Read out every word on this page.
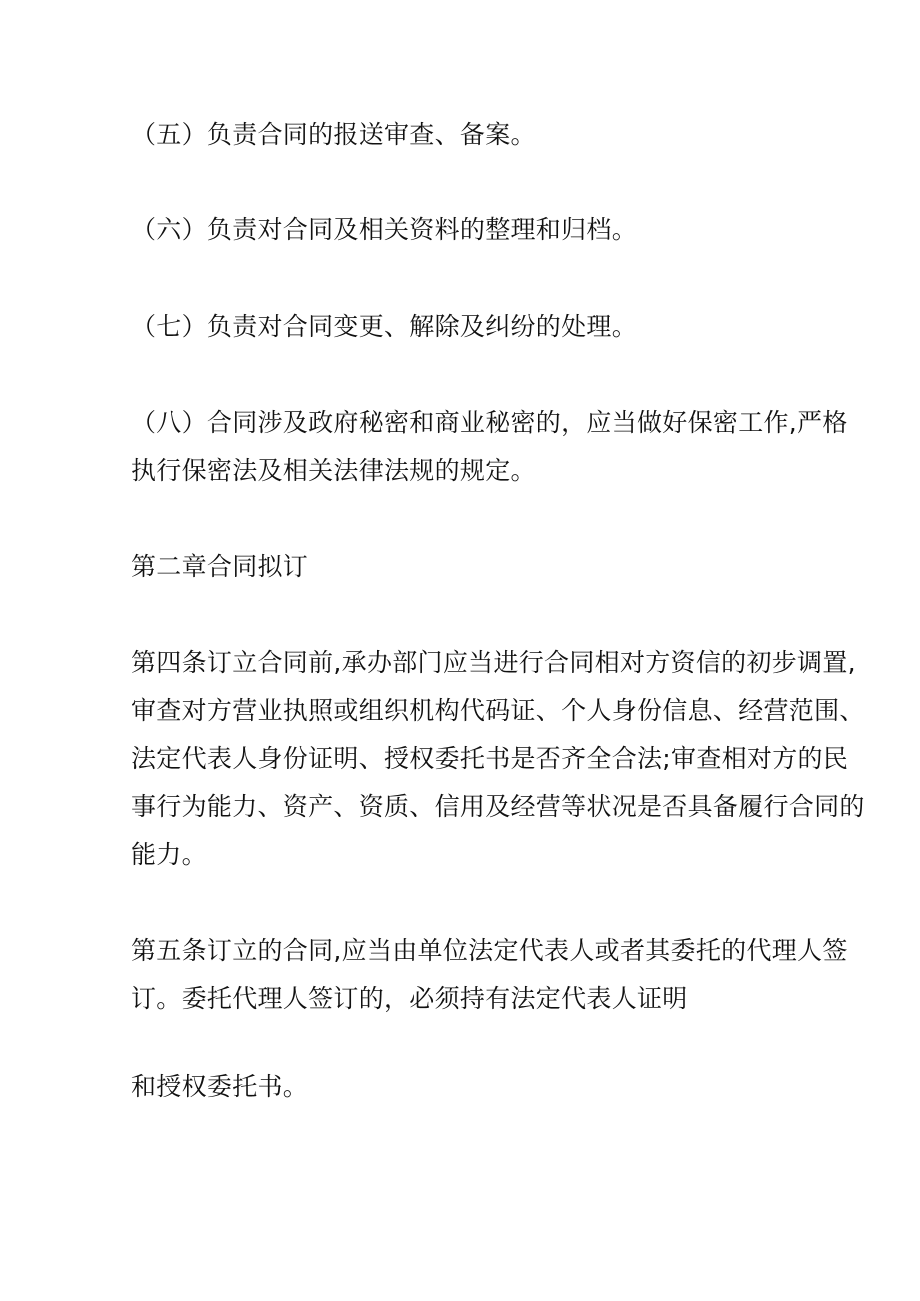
（五）负责合同的报送审查、备案。
（六）负责对合同及相关资料的整理和归档。
（七）负责对合同变更、解除及纠纷的处理。
（八）合同涉及政府秘密和商业秘密的，应当做好保密工作,严格
执行保密法及相关法律法规的规定。
第二章合同拟订
第四条订立合同前,承办部门应当进行合同相对方资信的初步调置,
审查对方营业执照或组织机构代码证、个人身份信息、经营范围、
法定代表人身份证明、授权委托书是否齐全合法;审查相对方的民
事行为能力、资产、资质、信用及经营等状况是否具备履行合同的
能力。
第五条订立的合同,应当由单位法定代表人或者其委托的代理人签
订。委托代理人签订的，必须持有法定代表人证明
和授权委托书。
